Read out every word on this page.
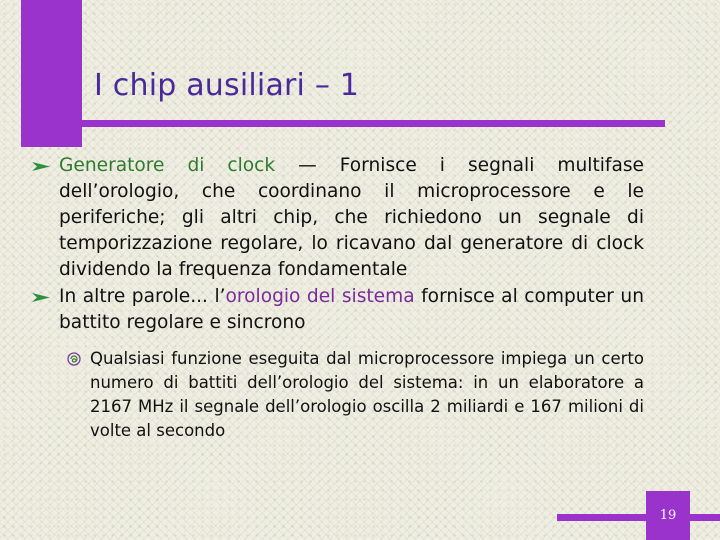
I chip ausiliari – 1
Generatore di clock — Fornisce i segnali multifase dell’orologio, che coordinano il microprocessore e le periferiche; gli altri chip, che richiedono un segnale di temporizzazione regolare, lo ricavano dal generatore di clock dividendo la frequenza fondamentale
In altre parole... l’orologio del sistema fornisce al computer un battito regolare e sincrono
Qualsiasi funzione eseguita dal microprocessore impiega un certo numero di battiti dell’orologio del sistema: in un elaboratore a 2167 MHz il segnale dell’orologio oscilla 2 miliardi e 167 milioni di volte al secondo
19
